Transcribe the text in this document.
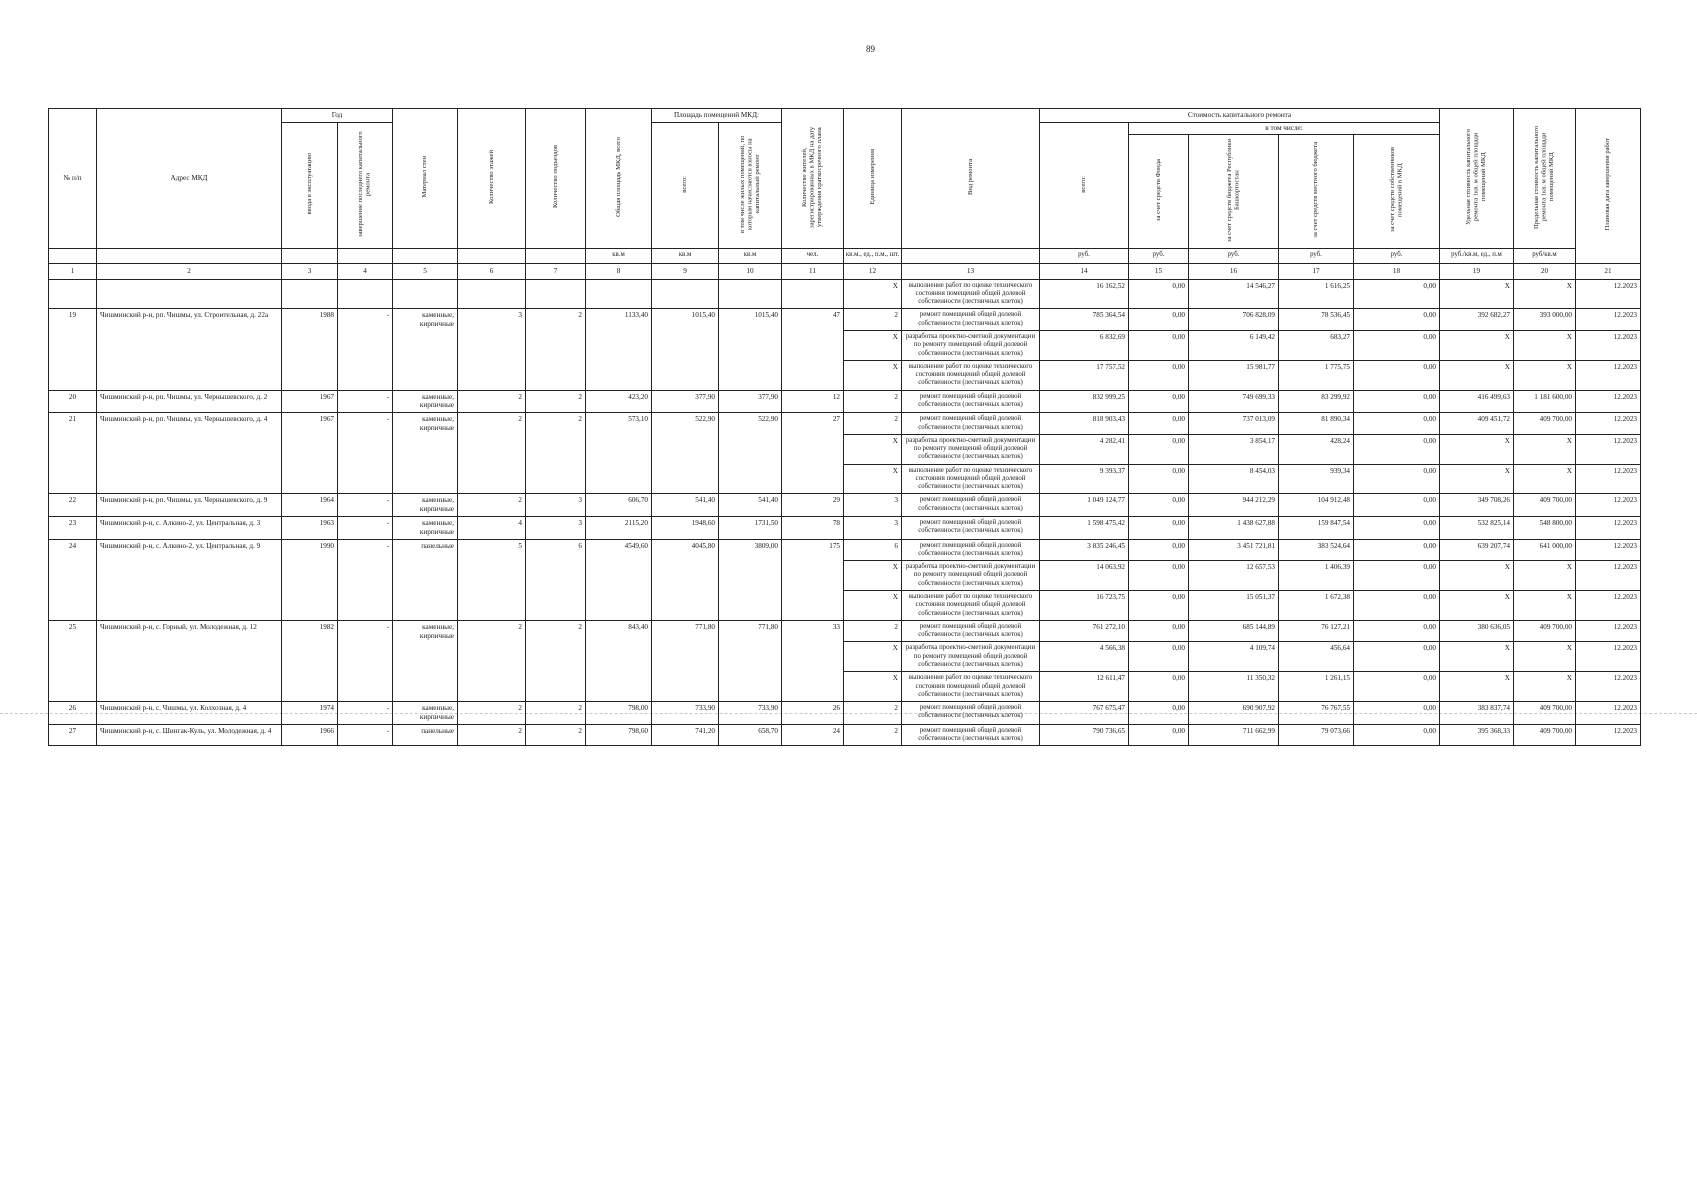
89
№ п/п	Адрес МКД	Год		Материал стен	Количество этажей	Количество подъездов	Общая площадь МКД, всего	Площадь помещений МКД:		Количество жителей, зарегистрированных в МКД на дату утверждения краткосрочного плана	Единица измерения	Вид ремонта	Стоимость капитального ремонта					Удельная стоимость капитального ремонта 1кв. м общей площади помещений МКД	Предельная стоимость капитального ремонта 1кв. м общей площади помещений МКД	Плановая дата завершения работ
		ввода в эксплуатацию	завершение последнего капитального ремонта					всего:	в том числе жилых помещений, по которым начисляются взносы на капитальный ремонт				всего:	в том числе:						
														за счет средств Фонда	за счет средств бюджета Республики Башкортостан	за счет средств местного бюджета	за счет средств собственников помещений в МКД			
							кв.м	кв.м	кв.м	чел.	кв.м., ед., п.м., шт.		руб.	руб.	руб.	руб.	руб.	руб./кв.м, ед., п.м	руб/кв.м	
1	2	3	4	5	6	7	8	9	10	11	12	13	14	15	16	17	18	19	20	21
											X	выполнение работ по оценке технического состояния помещений общей долевой собственности (лестничных клеток)	16 162,52	0,00	14 546,27	1 616,25	0,00	X	X	12.2023
19	Чишминский р-н, рп. Чишмы, ул. Строительная, д. 22а	1988	-	каменные, кирпичные	3	2	1133,40	1015,40	1015,40	47	2	ремонт помещений общей долевой собственности (лестничных клеток)	785 364,54	0,00	706 828,09	78 536,45	0,00	392 682,27	393 000,00	12.2023
											X	разработка проектно-сметной документации по ремонту помещений общей долевой собственности (лестничных клеток)	6 832,69	0,00	6 149,42	683,27	0,00	X	X	12.2023
											X	выполнение работ по оценке технического состояния помещений общей долевой собственности (лестничных клеток)	17 757,52	0,00	15 981,77	1 775,75	0,00	X	X	12.2023
20	Чишминский р-н, рп. Чишмы, ул. Чернышевского, д. 2	1967	-	каменные, кирпичные	2	2	423,20	377,90	377,90	12	2	ремонт помещений общей долевой собственности (лестничных клеток)	832 999,25	0,00	749 699,33	83 299,92	0,00	416 499,63	1 181 600,00	12.2023
21	Чишминский р-н, рп. Чишмы, ул. Чернышевского, д. 4	1967	-	каменные, кирпичные	2	2	573,10	522,90	522,90	27	2	ремонт помещений общей долевой собственности (лестничных клеток)	818 903,43	0,00	737 013,09	81 890,34	0,00	409 451,72	409 700,00	12.2023
											X	разработка проектно-сметной документации по ремонту помещений общей долевой собственности (лестничных клеток)	4 282,41	0,00	3 854,17	428,24	0,00	X	X	12.2023
											X	выполнение работ по оценке технического состояния помещений общей долевой собственности (лестничных клеток)	9 393,37	0,00	8 454,03	939,34	0,00	X	X	12.2023
22	Чишминский р-н, рп. Чишмы, ул. Чернышевского, д. 9	1964	-	каменные, кирпичные	2	3	606,70	541,40	541,40	29	3	ремонт помещений общей долевой собственности (лестничных клеток)	1 049 124,77	0,00	944 212,29	104 912,48	0,00	349 708,26	409 700,00	12.2023
23	Чишминский р-н, с. Алкино-2, ул. Центральная, д. 3	1963	-	каменные, кирпичные	4	3	2115,20	1948,60	1731,50	78	3	ремонт помещений общей долевой собственности (лестничных клеток)	1 598 475,42	0,00	1 438 627,88	159 847,54	0,00	532 825,14	548 800,00	12.2023
24	Чишминский р-н, с. Алкино-2, ул. Центральная, д. 9	1990	-	панельные	5	6	4549,60	4045,80	3809,00	175	6	ремонт помещений общей долевой собственности (лестничных клеток)	3 835 246,45	0,00	3 451 721,81	383 524,64	0,00	639 207,74	641 000,00	12.2023
											X	разработка проектно-сметной документации по ремонту помещений общей долевой собственности (лестничных клеток)	14 063,92	0,00	12 657,53	1 406,39	0,00	X	X	12.2023
											X	выполнение работ по оценке технического состояния помещений общей долевой собственности (лестничных клеток)	16 723,75	0,00	15 051,37	1 672,38	0,00	X	X	12.2023
25	Чишминский р-н, с. Горный, ул. Молодежная, д. 12	1982	-	каменные, кирпичные	2	2	843,40	771,80	771,80	33	2	ремонт помещений общей долевой собственности (лестничных клеток)	761 272,10	0,00	685 144,89	76 127,21	0,00	380 636,05	409 700,00	12.2023
											X	разработка проектно-сметной документации по ремонту помещений общей долевой собственности (лестничных клеток)	4 566,38	0,00	4 109,74	456,64	0,00	X	X	12.2023
											X	выполнение работ по оценке технического состояния помещений общей долевой собственности (лестничных клеток)	12 611,47	0,00	11 350,32	1 261,15	0,00	X	X	12.2023
26	Чишминский р-н, с. Чишмы, ул. Колхозная, д. 4	1974	-	каменные, кирпичные	2	2	798,00	733,90	733,90	26	2	ремонт помещений общей долевой собственности (лестничных клеток)	767 675,47	0,00	690 907,92	76 767,55	0,00	383 837,74	409 700,00	12.2023
27	Чишминский р-н, с. Шингак-Куль, ул. Молодежная, д. 4	1966	-	панельные	2	2	798,60	741,20	658,70	24	2	ремонт помещений общей долевой собственности (лестничных клеток)	790 736,65	0,00	711 662,99	79 073,66	0,00	395 368,33	409 700,00	12.2023
